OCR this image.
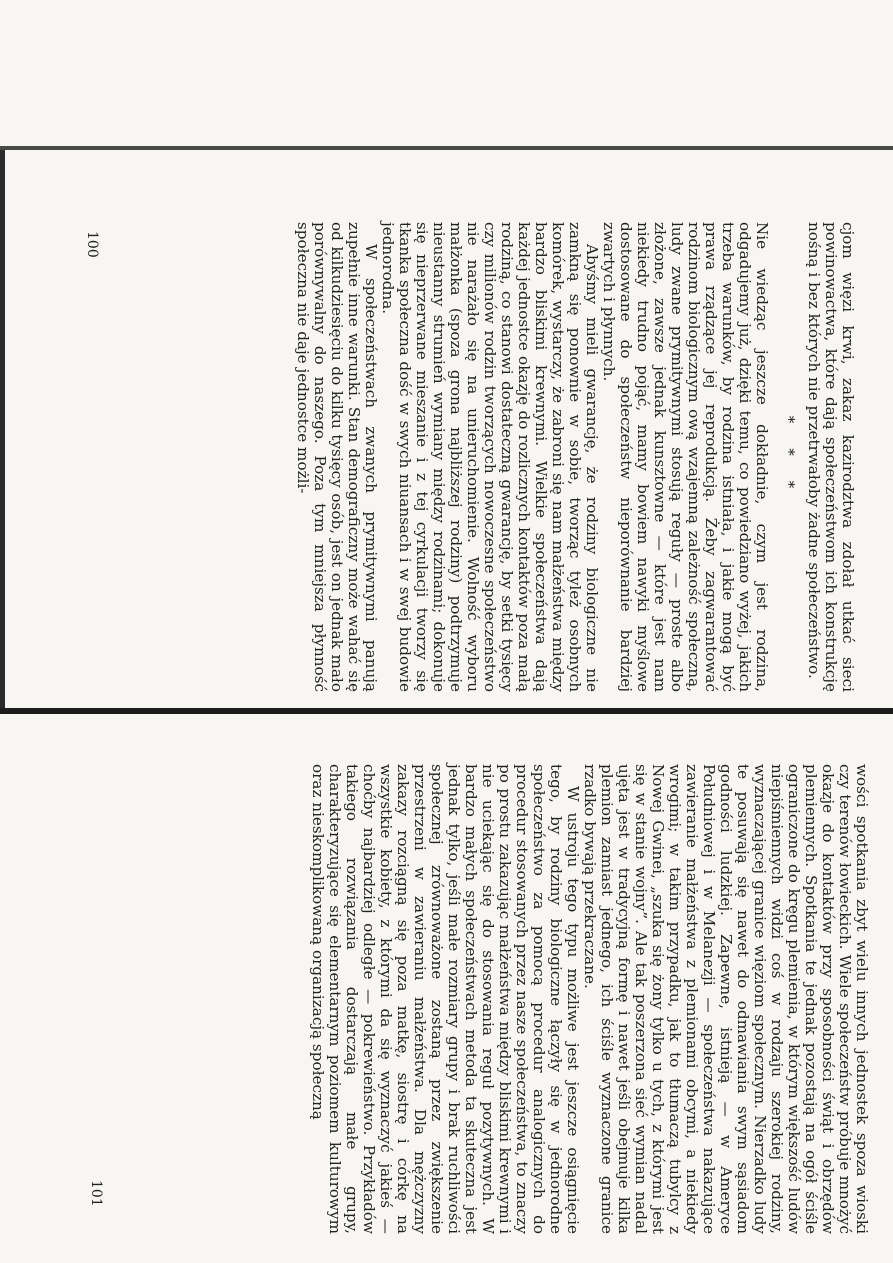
cjom więzi krwi, zakaz kazirodztwa zdołał utkać sieci powinowactwa, które dają społeczeństwom ich konstrukcję nośną i bez których nie przetrwałoby żadne społeczeństwo.

* * *

Nie wiedząc jeszcze dokładnie, czym jest rodzina, odgadujemy już, dzięki temu, co powiedziano wyżej, jakich trzeba warunków, by rodzina istniała, i jakie mogą być prawa rządzące jej reprodukcją. Żeby zagwarantować rodzinom biologicznym ową wzajemną zależność społeczną, ludy zwane prymitywnymi stosują reguły — proste albo złożone, zawsze jednak kunsztowne — które jest nam niekiedy trudno pojąć, mamy bowiem nawyki myślowe dostosowane do społeczeństw nieporównanie bardziej zwartych i płynnych.

Abyśmy mieli gwarancję, że rodziny biologiczne nie zamkną się ponownie w sobie, tworząc tyleż osobnych komórek, wystarczy, że zabroni się nam małżeństwa między bardzo bliskimi krewnymi. Wielkie społeczeństwa dają każdej jednostce okazję do rozlicznych kontaktów poza małą rodziną, co stanowi dostateczną gwarancję, by setki tysięcy czy milionów rodzin tworzących nowoczesne społeczeństwo nie narażało się na unieruchomienie. Wolność wyboru małżonka (spoza grona najbliższej rodziny) podtrzymuje nieustanny strumień wymiany między rodzinami; dokonuje się nieprzerwane mieszanie i z tej cyrkulacji tworzy się tkanka społeczna dość w swych niuansach i w swej budowie jednorodna.

W społeczeństwach zwanych prymitywnymi panują zupełnie inne warunki. Stan demograficzny może wahać się od kilkudziesięciu do kilku tysięcy osób, jest on jednak mało porównywalny do naszego. Poza tym mniejsza płynność społeczna nie daje jednostce możli-

100

wości spotkania zbyt wielu innych jednostek spoza wioski czy terenów łowieckich. Wiele społeczeństw próbuje mnożyć okazje do kontaktów przy sposobności świąt i obrzędów plemiennych. Spotkania te jednak pozostają na ogół ściśle ograniczone do kręgu plemienia, w którym większość ludów niepiśmiennych widzi coś w rodzaju szerokiej rodziny, wyznaczającej granice więziom społecznym. Nierzadko ludy te posuwają się nawet do odmawiania swym sąsiadom godności ludzkiej. Zapewne, istnieją — w Ameryce Południowej i w Melanezji — społeczeństwa nakazujące zawieranie małżeństwa z plemionami obcymi, a niekiedy wrogimi; w takim przypadku, jak to tłumaczą tubylcy z Nowej Gwinei, „szuka się żony tylko u tych, z którymi jest się w stanie wojny”. Ale tak poszerzona sieć wymian nadal ujęta jest w tradycyjną formę i nawet jeśli obejmuje kilka plemion zamiast jednego, ich ściśle wyznaczone granice rzadko bywają przekraczane.

W ustroju tego typu możliwe jest jeszcze osiągnięcie tego, by rodziny biologiczne łączyły się w jednorodne społeczeństwo za pomocą procedur analogicznych do procedur stosowanych przez nasze społeczeństwa, to znaczy po prostu zakazując małżeństwa między bliskimi krewnymi i nie uciekając się do stosowania reguł pozytywnych. W bardzo małych społeczeństwach metoda ta skuteczna jest jednak tylko, jeśli małe rozmiary grupy i brak ruchliwości społecznej zrównoważone zostaną przez zwiększenie przestrzeni w zawieraniu małżeństwa. Dla mężczyzny zakazy rozciągną się poza matkę, siostrę i córkę na wszystkie kobiety, z którymi da się wyznaczyć jakieś — choćby najbardziej odległe — pokrewieństwo. Przykładów takiego rozwiązania dostarczają małe grupy, charakteryzujące się elementarnym poziomem kulturowym oraz nieskomplikowaną organizacją społeczną

101
